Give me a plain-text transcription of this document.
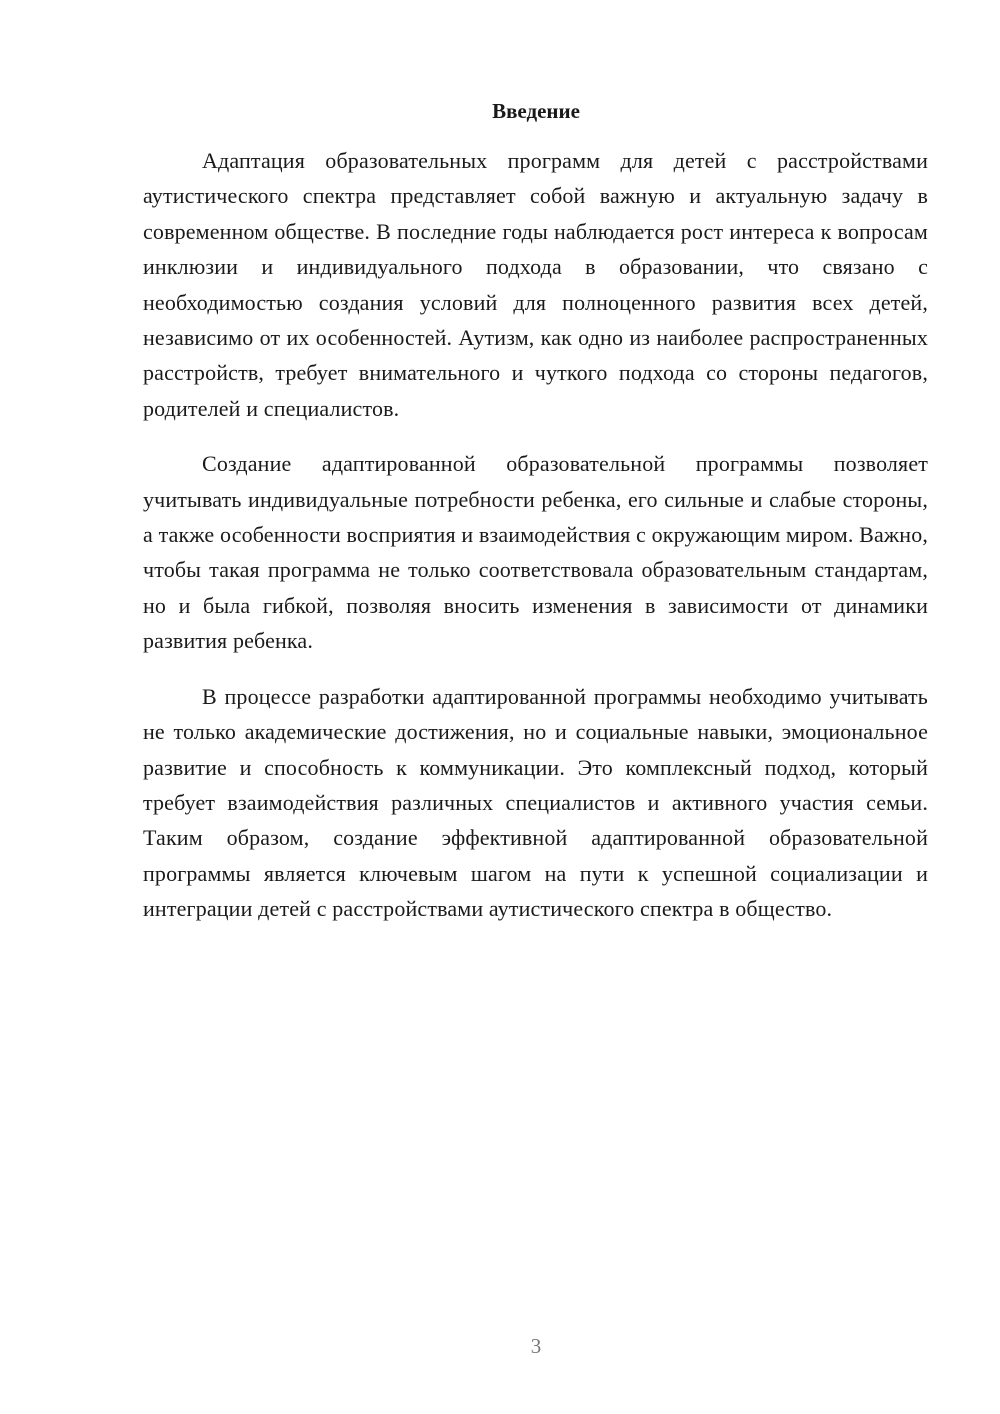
Введение

Адаптация образовательных программ для детей с расстройствами аутистического спектра представляет собой важную и актуальную задачу в современном обществе. В последние годы наблюдается рост интереса к вопросам инклюзии и индивидуального подхода в образовании, что связано с необходимостью создания условий для полноценного развития всех детей, независимо от их особенностей. Аутизм, как одно из наиболее распространенных расстройств, требует внимательного и чуткого подхода со стороны педагогов, родителей и специалистов.

Создание адаптированной образовательной программы позволяет учитывать индивидуальные потребности ребенка, его сильные и слабые стороны, а также особенности восприятия и взаимодействия с окружающим миром. Важно, чтобы такая программа не только соответствовала образовательным стандартам, но и была гибкой, позволяя вносить изменения в зависимости от динамики развития ребенка.

В процессе разработки адаптированной программы необходимо учитывать не только академические достижения, но и социальные навыки, эмоциональное развитие и способность к коммуникации. Это комплексный подход, который требует взаимодействия различных специалистов и активного участия семьи. Таким образом, создание эффективной адаптированной образовательной программы является ключевым шагом на пути к успешной социализации и интеграции детей с расстройствами аутистического спектра в общество.

3
